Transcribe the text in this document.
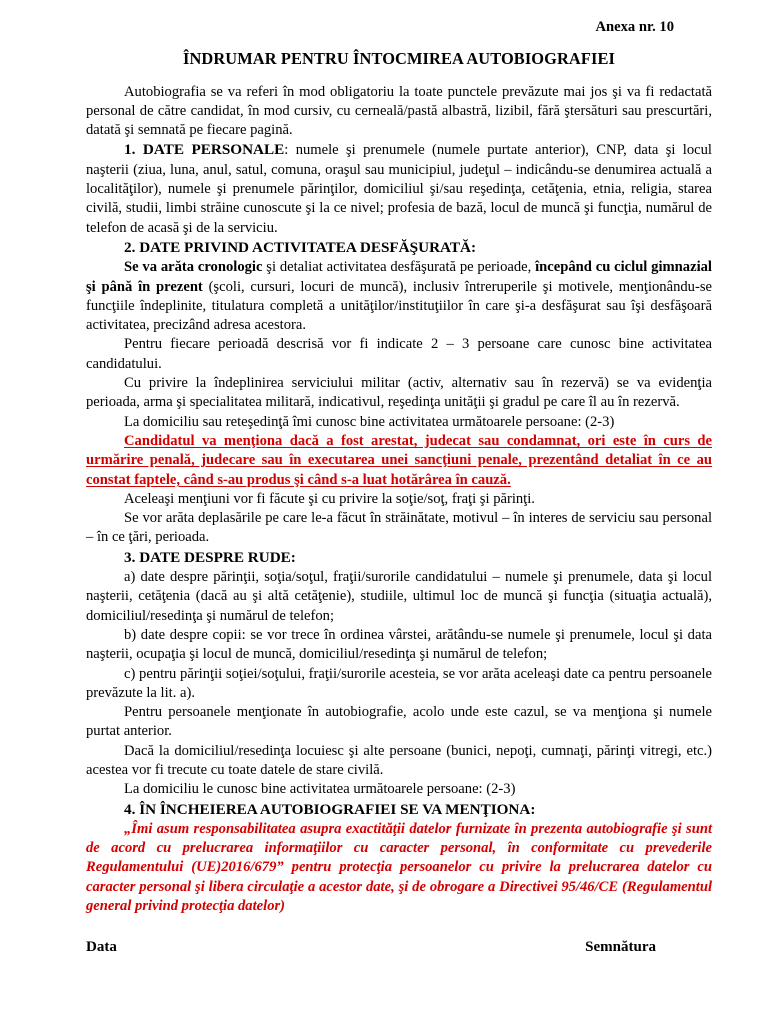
Anexa nr. 10
ÎNDRUMAR PENTRU ÎNTOCMIREA AUTOBIOGRAFIEI

Autobiografia se va referi în mod obligatoriu la toate punctele prevăzute mai jos şi va fi redactată personal de către candidat, în mod cursiv, cu cerneală/pastă albastră, lizibil, fără ştersături sau prescurtări, datată şi semnată pe fiecare pagină.

1. DATE PERSONALE: numele şi prenumele (numele purtate anterior), CNP, data şi locul naşterii (ziua, luna, anul, satul, comuna, oraşul sau municipiul, judeţul – indicându-se denumirea actuală a localităţilor), numele şi prenumele părinţilor, domiciliul şi/sau reşedinţa, cetăţenia, etnia, religia, starea civilă, studii, limbi străine cunoscute şi la ce nivel; profesia de bază, locul de muncă şi funcţia, numărul de telefon de acasă şi de la serviciu.

2. DATE PRIVIND ACTIVITATEA DESFĂŞURATĂ:

Se va arăta cronologic şi detaliat activitatea desfăşurată pe perioade, începând cu ciclul gimnazial şi până în prezent (şcoli, cursuri, locuri de muncă), inclusiv întreruperile şi motivele, menţionându-se funcţiile îndeplinite, titulatura completă a unităţilor/instituţiilor în care şi-a desfăşurat sau îşi desfăşoară activitatea, precizând adresa acestora.

Pentru fiecare perioadă descrisă vor fi indicate 2 – 3 persoane care cunosc bine activitatea candidatului.

Cu privire la îndeplinirea serviciului militar (activ, alternativ sau în rezervă) se va evidenţia perioada, arma şi specialitatea militară, indicativul, reşedinţa unităţii şi gradul pe care îl au în rezervă.

La domiciliu sau reteşedinţă îmi cunosc bine activitatea următoarele persoane: (2-3)

Candidatul va menţiona dacă a fost arestat, judecat sau condamnat, ori este în curs de urmărire penală, judecare sau în executarea unei sancţiuni penale, prezentând detaliat în ce au constat faptele, când s-au produs şi când s-a luat hotărârea în cauză.

Aceleaşi menţiuni vor fi făcute şi cu privire la soţie/soţ, fraţi şi părinţi.

Se vor arăta deplasările pe care le-a făcut în străinătate, motivul – în interes de serviciu sau personal – în ce ţări, perioada.

3. DATE DESPRE RUDE:

a) date despre părinţii, soţia/soţul, fraţii/surorile candidatului – numele şi prenumele, data şi locul naşterii, cetăţenia (dacă au şi altă cetăţenie), studiile, ultimul loc de muncă şi funcţia (situaţia actuală), domiciliul/resedinţa şi numărul de telefon;

b) date despre copii: se vor trece în ordinea vârstei, arătându-se numele şi prenumele, locul şi data naşterii, ocupaţia şi locul de muncă, domiciliul/resedinţa şi numărul de telefon;

c) pentru părinţii soţiei/soţului, fraţii/surorile acesteia, se vor arăta aceleaşi date ca pentru persoanele prevăzute la lit. a).

Pentru persoanele menţionate în autobiografie, acolo unde este cazul, se va menţiona şi numele purtat anterior.

Dacă la domiciliul/resedinţa locuiesc şi alte persoane (bunici, nepoţi, cumnaţi, părinţi vitregi, etc.) acestea vor fi trecute cu toate datele de stare civilă.

La domiciliu le cunosc bine activitatea următoarele persoane: (2-3)

4. ÎN ÎNCHEIEREA AUTOBIOGRAFIEI SE VA MENŢIONA:

„Îmi asum responsabilitatea asupra exactităţii datelor furnizate în prezenta autobiografie şi sunt de acord cu prelucrarea informaţiilor cu caracter personal, în conformitate cu prevederile Regulamentului (UE)2016/679” pentru protecţia persoanelor cu privire la prelucrarea datelor cu caracter personal şi libera circulaţie a acestor date, şi de obrogare a Directivei 95/46/CE (Regulamentul general privind protecţia datelor)

Data	Semnătura
